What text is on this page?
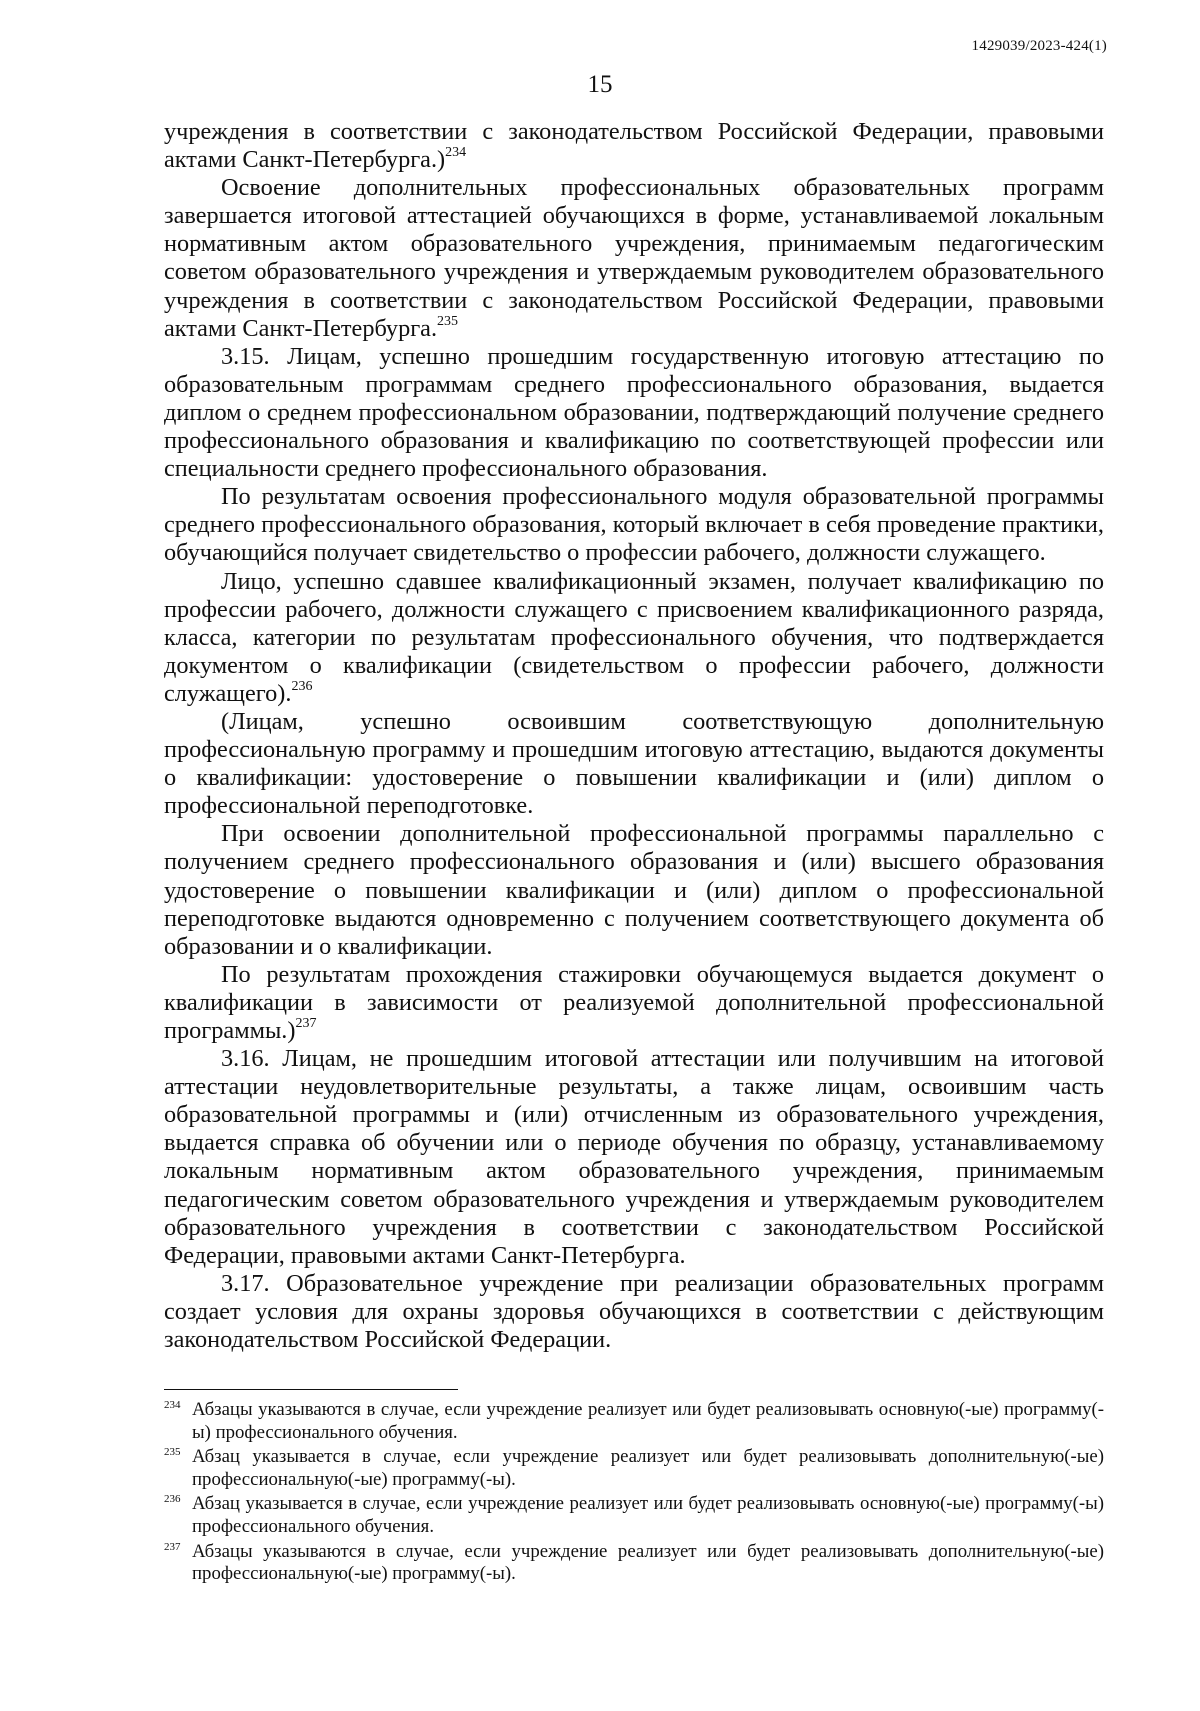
1429039/2023-424(1)
15

учреждения в соответствии с законодательством Российской Федерации, правовыми актами Санкт-Петербурга.)$^{234}$

Освоение дополнительных профессиональных образовательных программ завершается итоговой аттестацией обучающихся в форме, устанавливаемой локальным нормативным актом образовательного учреждения, принимаемым педагогическим советом образовательного учреждения и утверждаемым руководителем образовательного учреждения в соответствии с законодательством Российской Федерации, правовыми актами Санкт-Петербурга.$^{235}$

3.15. Лицам, успешно прошедшим государственную итоговую аттестацию по образовательным программам среднего профессионального образования, выдается диплом о среднем профессиональном образовании, подтверждающий получение среднего профессионального образования и квалификацию по соответствующей профессии или специальности среднего профессионального образования.

По результатам освоения профессионального модуля образовательной программы среднего профессионального образования, который включает в себя проведение практики, обучающийся получает свидетельство о профессии рабочего, должности служащего.

Лицо, успешно сдавшее квалификационный экзамен, получает квалификацию по профессии рабочего, должности служащего с присвоением квалификационного разряда, класса, категории по результатам профессионального обучения, что подтверждается документом о квалификации (свидетельством о профессии рабочего, должности служащего).$^{236}$

(Лицам, успешно освоившим соответствующую дополнительную профессиональную программу и прошедшим итоговую аттестацию, выдаются документы о квалификации: удостоверение о повышении квалификации и (или) диплом о профессиональной переподготовке.

При освоении дополнительной профессиональной программы параллельно с получением среднего профессионального образования и (или) высшего образования удостоверение о повышении квалификации и (или) диплом о профессиональной переподготовке выдаются одновременно с получением соответствующего документа об образовании и о квалификации.

По результатам прохождения стажировки обучающемуся выдается документ о квалификации в зависимости от реализуемой дополнительной профессиональной программы.)$^{237}$

3.16. Лицам, не прошедшим итоговой аттестации или получившим на итоговой аттестации неудовлетворительные результаты, а также лицам, освоившим часть образовательной программы и (или) отчисленным из образовательного учреждения, выдается справка об обучении или о периоде обучения по образцу, устанавливаемому локальным нормативным актом образовательного учреждения, принимаемым педагогическим советом образовательного учреждения и утверждаемым руководителем образовательного учреждения в соответствии с законодательством Российской Федерации, правовыми актами Санкт-Петербурга.

3.17. Образовательное учреждение при реализации образовательных программ создает условия для охраны здоровья обучающихся в соответствии с действующим законодательством Российской Федерации.

$^{234}$ Абзацы указываются в случае, если учреждение реализует или будет реализовывать основную(-ые) программу(-ы) профессионального обучения.

$^{235}$ Абзац указывается в случае, если учреждение реализует или будет реализовывать дополнительную(-ые) профессиональную(-ые) программу(-ы).

$^{236}$ Абзац указывается в случае, если учреждение реализует или будет реализовывать основную(-ые) программу(-ы) профессионального обучения.

$^{237}$ Абзацы указываются в случае, если учреждение реализует или будет реализовывать дополнительную(-ые) профессиональную(-ые) программу(-ы).
